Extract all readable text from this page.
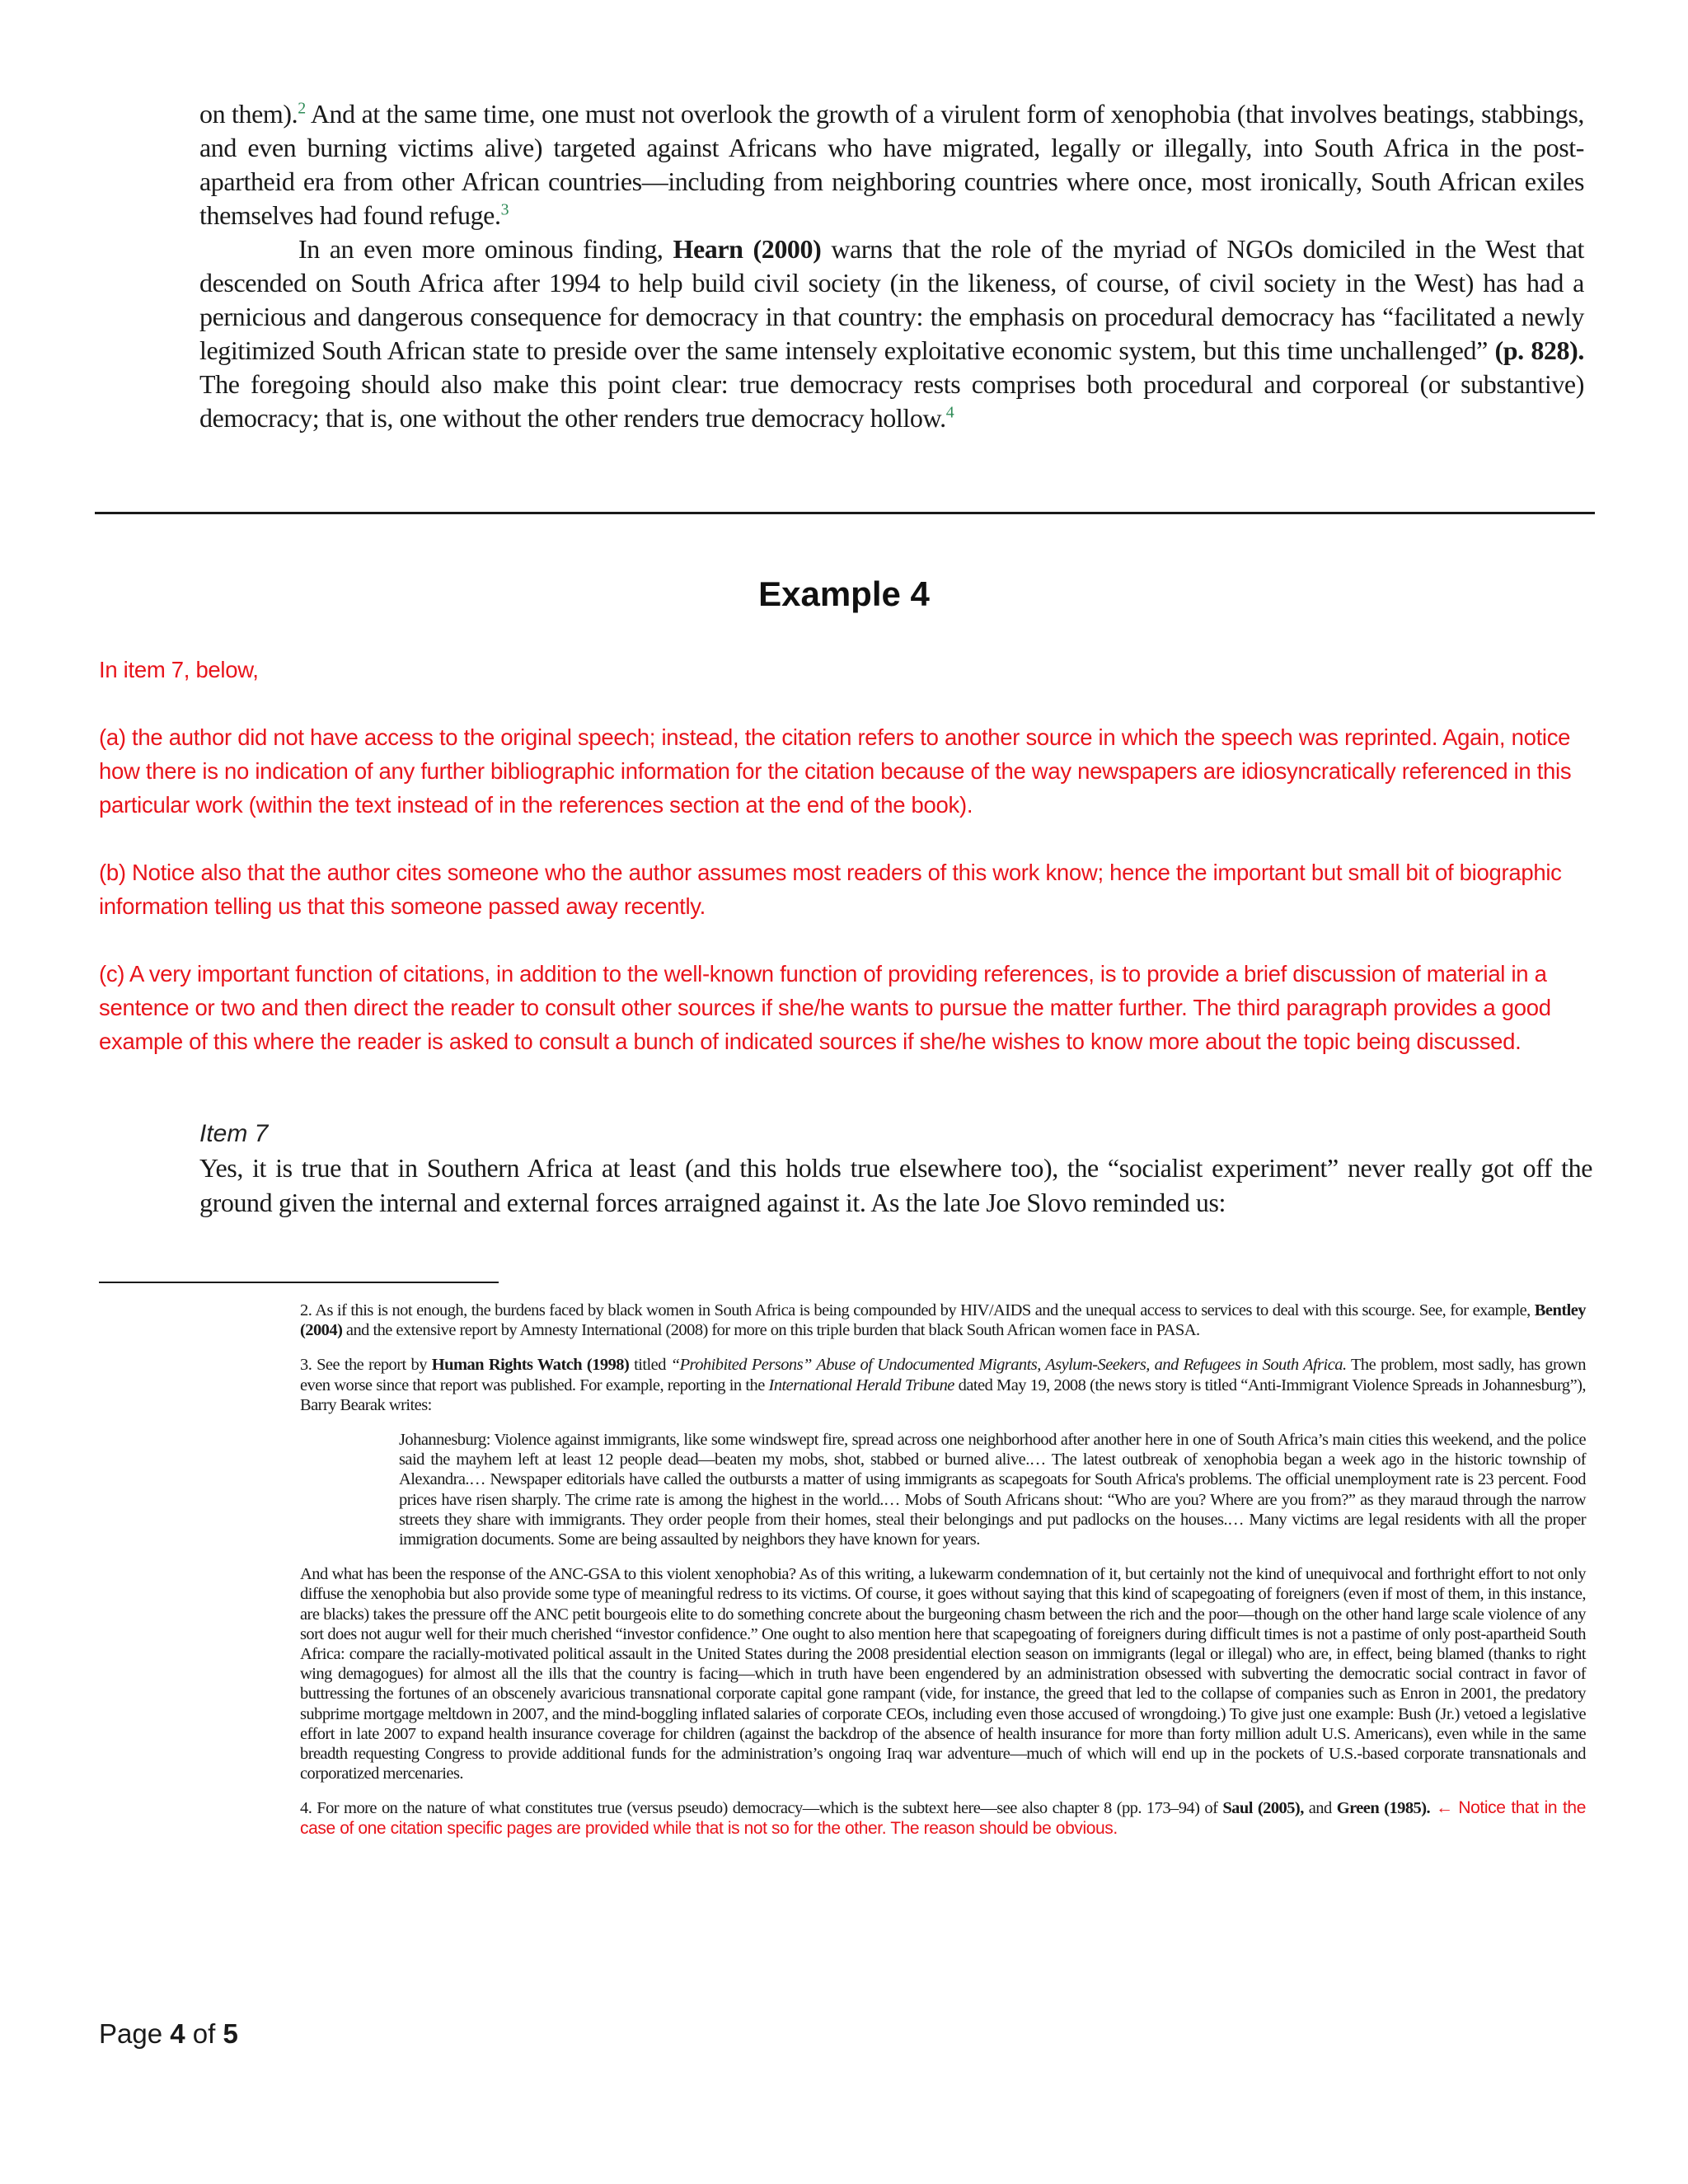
on them).$^2$ And at the same time, one must not overlook the growth of a virulent form of xenophobia (that involves beatings, stabbings, and even burning victims alive) targeted against Africans who have migrated, legally or illegally, into South Africa in the post-apartheid era from other African countries—including from neighboring countries where once, most ironically, South African exiles themselves had found refuge.$^3$

In an even more ominous finding, Hearn (2000) warns that the role of the myriad of NGOs domiciled in the West that descended on South Africa after 1994 to help build civil society (in the likeness, of course, of civil society in the West) has had a pernicious and dangerous consequence for democracy in that country: the emphasis on procedural democracy has “facilitated a newly legitimized South African state to preside over the same intensely exploitative economic system, but this time unchallenged” (p. 828). The foregoing should also make this point clear: true democracy rests comprises both procedural and corporeal (or substantive) democracy; that is, one without the other renders true democracy hollow.$^4$

Example 4

In item 7, below,

(a) the author did not have access to the original speech; instead, the citation refers to another source in which the speech was reprinted. Again, notice how there is no indication of any further bibliographic information for the citation because of the way newspapers are idiosyncratically referenced in this particular work (within the text instead of in the references section at the end of the book).

(b) Notice also that the author cites someone who the author assumes most readers of this work know; hence the important but small bit of biographic information telling us that this someone passed away recently.

(c) A very important function of citations, in addition to the well-known function of providing references, is to provide a brief discussion of material in a sentence or two and then direct the reader to consult other sources if she/he wants to pursue the matter further. The third paragraph provides a good example of this where the reader is asked to consult a bunch of indicated sources if she/he wishes to know more about the topic being discussed.

Item 7

Yes, it is true that in Southern Africa at least (and this holds true elsewhere too), the “socialist experiment” never really got off the ground given the internal and external forces arraigned against it. As the late Joe Slovo reminded us:

2. As if this is not enough, the burdens faced by black women in South Africa is being compounded by HIV/AIDS and the unequal access to services to deal with this scourge. See, for example, Bentley (2004) and the extensive report by Amnesty International (2008) for more on this triple burden that black South African women face in PASA.

3. See the report by Human Rights Watch (1998) titled “Prohibited Persons” Abuse of Undocumented Migrants, Asylum-Seekers, and Refugees in South Africa. The problem, most sadly, has grown even worse since that report was published. For example, reporting in the International Herald Tribune dated May 19, 2008 (the news story is titled “Anti-Immigrant Violence Spreads in Johannesburg”), Barry Bearak writes:

Johannesburg: Violence against immigrants, like some windswept fire, spread across one neighborhood after another here in one of South Africa’s main cities this weekend, and the police said the mayhem left at least 12 people dead—beaten my mobs, shot, stabbed or burned alive.… The latest outbreak of xenophobia began a week ago in the historic township of Alexandra.… Newspaper editorials have called the outbursts a matter of using immigrants as scapegoats for South Africa's problems. The official unemployment rate is 23 percent. Food prices have risen sharply. The crime rate is among the highest in the world.… Mobs of South Africans shout: “Who are you? Where are you from?” as they maraud through the narrow streets they share with immigrants. They order people from their homes, steal their belongings and put padlocks on the houses.… Many victims are legal residents with all the proper immigration documents. Some are being assaulted by neighbors they have known for years.

And what has been the response of the ANC-GSA to this violent xenophobia? As of this writing, a lukewarm condemnation of it, but certainly not the kind of unequivocal and forthright effort to not only diffuse the xenophobia but also provide some type of meaningful redress to its victims. Of course, it goes without saying that this kind of scapegoating of foreigners (even if most of them, in this instance, are blacks) takes the pressure off the ANC petit bourgeois elite to do something concrete about the burgeoning chasm between the rich and the poor—though on the other hand large scale violence of any sort does not augur well for their much cherished “investor confidence.” One ought to also mention here that scapegoating of foreigners during difficult times is not a pastime of only post-apartheid South Africa: compare the racially-motivated political assault in the United States during the 2008 presidential election season on immigrants (legal or illegal) who are, in effect, being blamed (thanks to right wing demagogues) for almost all the ills that the country is facing—which in truth have been engendered by an administration obsessed with subverting the democratic social contract in favor of buttressing the fortunes of an obscenely avaricious transnational corporate capital gone rampant (vide, for instance, the greed that led to the collapse of companies such as Enron in 2001, the predatory subprime mortgage meltdown in 2007, and the mind-boggling inflated salaries of corporate CEOs, including even those accused of wrongdoing.) To give just one example: Bush (Jr.) vetoed a legislative effort in late 2007 to expand health insurance coverage for children (against the backdrop of the absence of health insurance for more than forty million adult U.S. Americans), even while in the same breadth requesting Congress to provide additional funds for the administration’s ongoing Iraq war adventure—much of which will end up in the pockets of U.S.-based corporate transnationals and corporatized mercenaries.

4. For more on the nature of what constitutes true (versus pseudo) democracy—which is the subtext here—see also chapter 8 (pp. 173–94) of Saul (2005), and Green (1985). ← Notice that in the case of one citation specific pages are provided while that is not so for the other. The reason should be obvious.

Page 4 of 5
